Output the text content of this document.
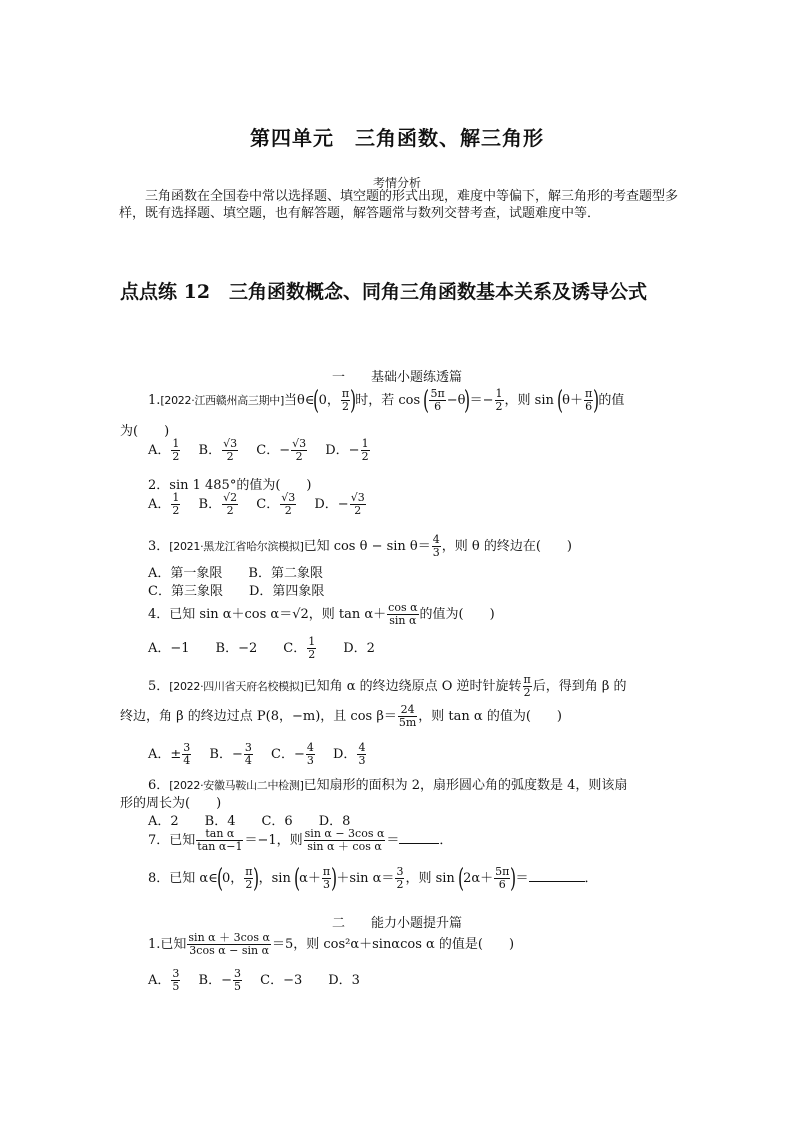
第四单元　三角函数、解三角形
考情分析
三角函数在全国卷中常以选择题、填空题的形式出现，难度中等偏下，解三角形的考查题型多样，既有选择题、填空题，也有解答题，解答题常与数列交替考查，试题难度中等．
点点练 12　三角函数概念、同角三角函数基本关系及诱导公式
一　　基础小题练透篇
1.[2022·江西赣州高三期中]当θ∈(0， $\frac{\pi}{2}$ )时，若 cos ( $\frac{5\pi}{6} -\theta)=- \frac{1}{2}$ ，则 $\sin (\theta+ \frac{\pi}{6}$ )的值
为(　　)
A． $\frac{1}{2}$
　 B． $\frac{√3}{2}$
　 C．− $\frac{√3}{2}$
　 D．− $\frac{1}{2}$
2．sin 1 485°的值为(　　)
A． $\frac{1}{2}$
　 B． $\frac{√2}{2}$
　 C． $\frac{√3}{2}$
　 D．− $\frac{√3}{2}$
3．[2021·黑龙江省哈尔滨模拟]已知 $\cos \theta - \sin \theta= \frac{4}{3}$ ，则 θ 的终边在(　　)
A．第一象限　　B．第二象限
C．第三象限　　D．第四象限
4．已知 sin α＋cos α＝√2，则 $\tan \alpha+ \frac{\text{cos α}}{\text{sin α}}$ 的值为(　　)
A．−1　　B．−2　　C． $\frac{1}{2}$
　　 D．2
5．[2022·四川省天府名校模拟]已知角 α 的终边绕原点 O 逆时针旋转 $\frac{\pi}{2}$ 后，得到角 β 的
终边，角 β 的终边过点 P(8，−m)，且 $\cos \beta= \frac{24}{5m}$ ，则 tan α 的值为(　　)
A．± $\frac{3}{4}$
　 B．− $\frac{3}{4}$
　 C．− $\frac{4}{3}$
　 D． $\frac{4}{3}$
6．[2022·安徽马鞍山二中检测]已知扇形的面积为 2，扇形圆心角的弧度数是 4，则该扇
形的周长为(　　)
A．2　　B．4　　C．6　　D．8
7．已知 $\frac{\text{tan α}}{\text{tan α−1}} =-1$，则 $\frac{\text{sin α − 3cos α}}{\text{sin α ＋ cos α}}$ ＝	．
8．已知 α∈(0， $\frac{\pi}{2}$ )，$\sin (\alpha+ \frac{\pi}{3} )+\sin$ $\alpha= \frac{3}{2}$ ，则 $\sin (2\alpha+ \frac{5\pi}{6}$ )＝	．
二　　能力小题提升篇
1.已知 $\frac{\text{sin α ＋ 3cos α}}{\text{3cos α − sin α}} =5$，则 cos²α＋sinαcos α 的值是(　　)
A． $\frac{3}{5}$
　 B．− $\frac{3}{5}$
　 C．−3　　D．3
